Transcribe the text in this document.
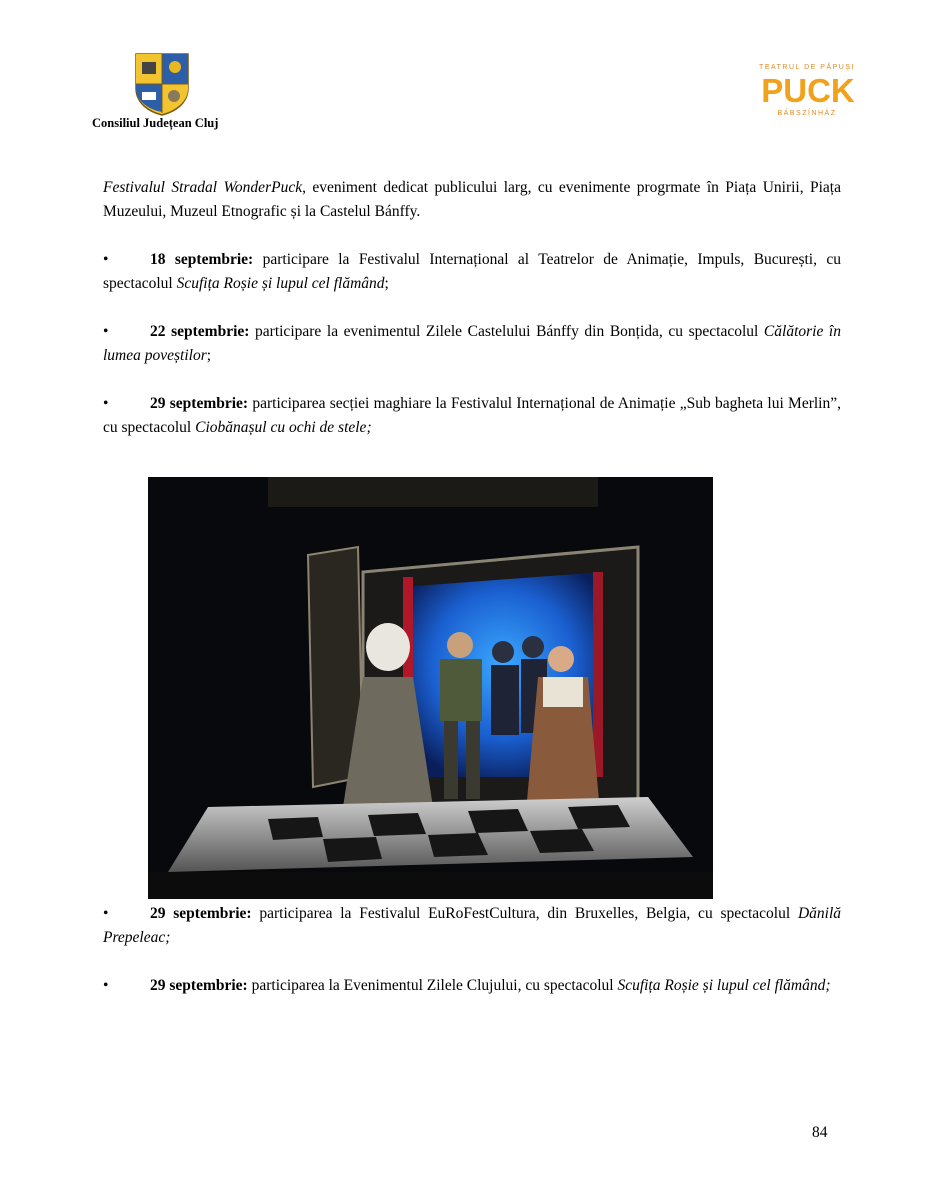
Consiliul Județean Cluj
TEATRUL DE PĂPUȘI
PUCK
BÁBSZÍNHÁZ

Festivalul Stradal WonderPuck, eveniment dedicat publicului larg, cu evenimente progrmate în Piața Unirii, Piața Muzeului, Muzeul Etnografic și la Castelul Bánffy.

•	18 septembrie: participare la Festivalul Internațional al Teatrelor de Animație, Impuls, București, cu spectacolul Scufița Roșie și lupul cel flămând;

•	22 septembrie: participare la evenimentul Zilele Castelului Bánffy din Bonțida, cu spectacolul Călătorie în lumea poveștilor;

•	29 septembrie: participarea secției maghiare la Festivalul Internațional de Animație „Sub bagheta lui Merlin”, cu spectacolul Ciobănașul cu ochi de stele;

•	29 septembrie: participarea la Festivalul EuRoFestCultura, din Bruxelles, Belgia, cu spectacolul Dănilă Prepeleac;

•	29 septembrie: participarea la Evenimentul Zilele Clujului, cu spectacolul Scufița Roșie și lupul cel flămând;

84
